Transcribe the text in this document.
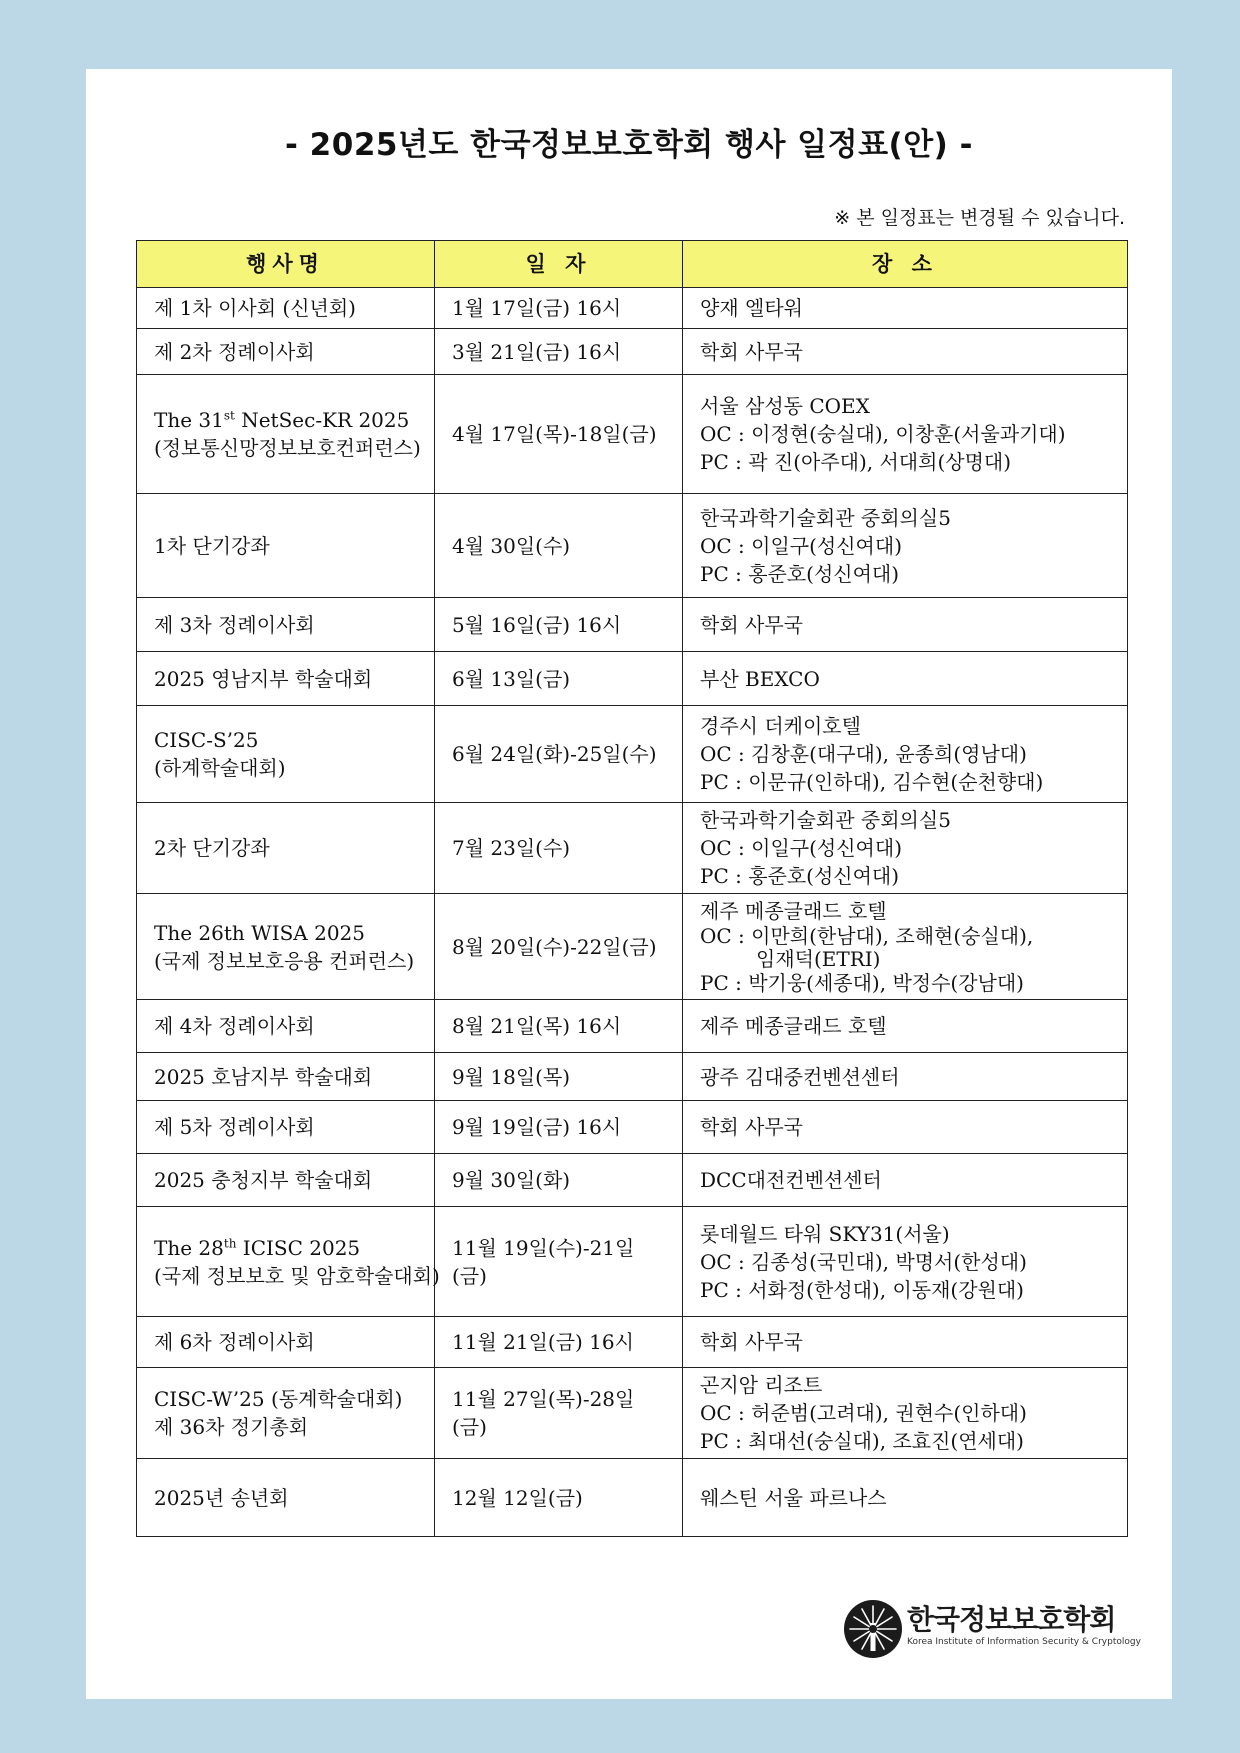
- 2025년도 한국정보보호학회 행사 일정표(안) -
※ 본 일정표는 변경될 수 있습니다.
행사명	일 자	장 소

제 1차 이사회 (신년회)	1월 17일(금) 16시	양재 엘타워

제 2차 정례이사회	3월 21일(금) 16시	학회 사무국

The 31st NetSec-KR 2025
(정보통신망정보보호컨퍼런스)	4월 17일(목)-18일(금)	서울 삼성동 COEX
OC : 이정현(숭실대), 이창훈(서울과기대)
PC : 곽 진(아주대), 서대희(상명대)

1차 단기강좌	4월 30일(수)	한국과학기술회관 중회의실5
OC : 이일구(성신여대)
PC : 홍준호(성신여대)

제 3차 정례이사회	5월 16일(금) 16시	학회 사무국

2025 영남지부 학술대회	6월 13일(금)	부산 BEXCO

CISC-S’25
(하계학술대회)	6월 24일(화)-25일(수)	경주시 더케이호텔
OC : 김창훈(대구대), 윤종희(영남대)
PC : 이문규(인하대), 김수현(순천향대)

2차 단기강좌	7월 23일(수)	한국과학기술회관 중회의실5
OC : 이일구(성신여대)
PC : 홍준호(성신여대)

The 26th WISA 2025
(국제 정보보호응용 컨퍼런스)	8월 20일(수)-22일(금)	제주 메종글래드 호텔
OC : 이만희(한남대), 조해현(숭실대),
임재덕(ETRI)
PC : 박기웅(세종대), 박정수(강남대)

제 4차 정례이사회	8월 21일(목) 16시	제주 메종글래드 호텔

2025 호남지부 학술대회	9월 18일(목)	광주 김대중컨벤션센터

제 5차 정례이사회	9월 19일(금) 16시	학회 사무국

2025 충청지부 학술대회	9월 30일(화)	DCC대전컨벤션센터

The 28th ICISC 2025
(국제 정보보호 및 암호학술대회)	11월 19일(수)-21일(금)	롯데월드 타워 SKY31(서울)
OC : 김종성(국민대), 박명서(한성대)
PC : 서화정(한성대), 이동재(강원대)

제 6차 정례이사회	11월 21일(금) 16시	학회 사무국

CISC-W’25 (동계학술대회)
제 36차 정기총회	11월 27일(목)-28일(금)	곤지암 리조트
OC : 허준범(고려대), 권현수(인하대)
PC : 최대선(숭실대), 조효진(연세대)

2025년 송년회	12월 12일(금)	웨스틴 서울 파르나스
한국정보보호학회
Korea Institute of Information Security & Cryptology
